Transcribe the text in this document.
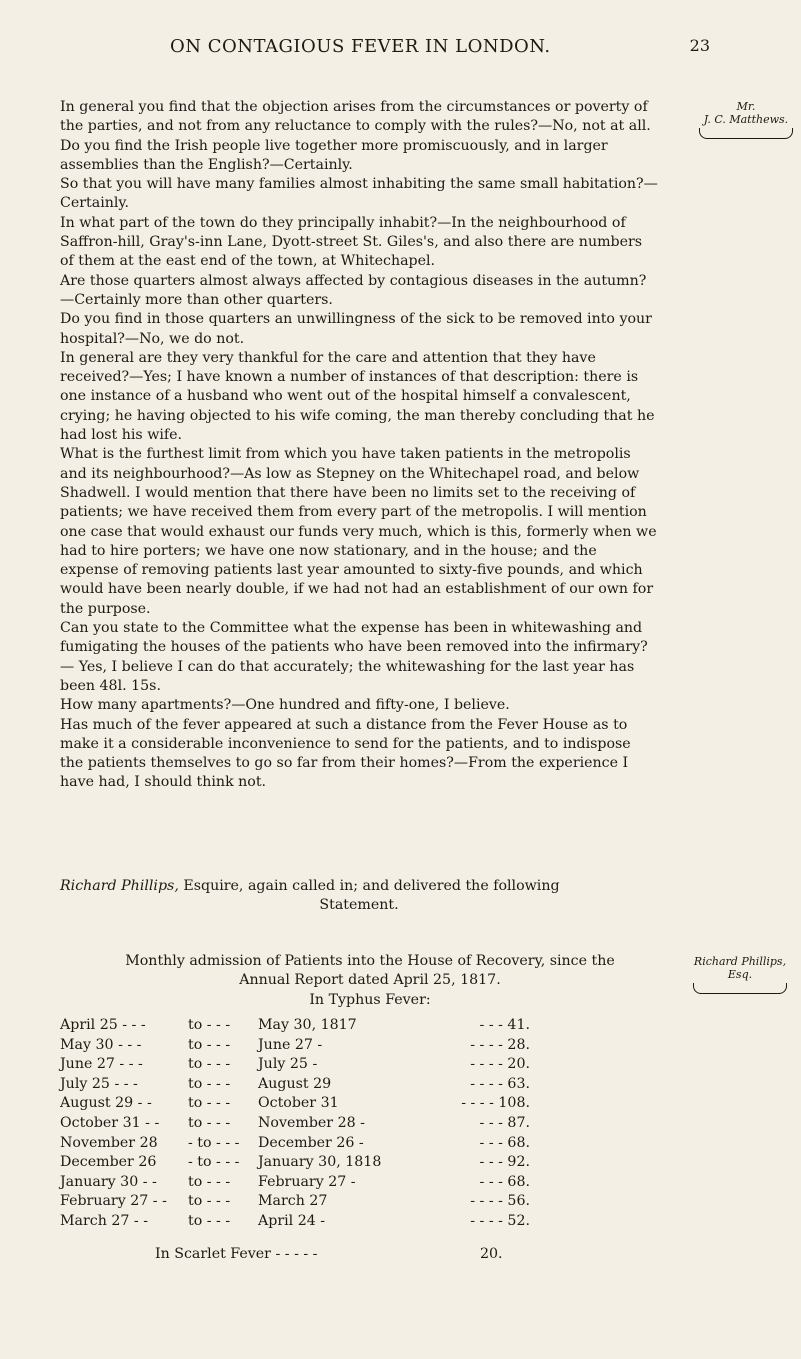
ON CONTAGIOUS FEVER IN LONDON.	23
Mr.
J. C. Matthews.

In general you find that the objection arises from the circumstances or poverty of the parties, and not from any reluctance to comply with the rules?—No, not at all.

Do you find the Irish people live together more promiscuously, and in larger assemblies than the English?—Certainly.

So that you will have many families almost inhabiting the same small habitation?—Certainly.

In what part of the town do they principally inhabit?—In the neighbourhood of Saffron-hill, Gray's-inn Lane, Dyott-street St. Giles's, and also there are numbers of them at the east end of the town, at Whitechapel.

Are those quarters almost always affected by contagious diseases in the autumn? —Certainly more than other quarters.

Do you find in those quarters an unwillingness of the sick to be removed into your hospital?—No, we do not.

In general are they very thankful for the care and attention that they have received?—Yes; I have known a number of instances of that description: there is one instance of a husband who went out of the hospital himself a convalescent, crying; he having objected to his wife coming, the man thereby concluding that he had lost his wife.

What is the furthest limit from which you have taken patients in the metropolis and its neighbourhood?—As low as Stepney on the Whitechapel road, and below Shadwell. I would mention that there have been no limits set to the receiving of patients; we have received them from every part of the metropolis. I will mention one case that would exhaust our funds very much, which is this, formerly when we had to hire porters; we have one now stationary, and in the house; and the expense of removing patients last year amounted to sixty-five pounds, and which would have been nearly double, if we had not had an establishment of our own for the purpose.

Can you state to the Committee what the expense has been in whitewashing and fumigating the houses of the patients who have been removed into the infirmary?— Yes, I believe I can do that accurately; the whitewashing for the last year has been 48l. 15s.

How many apartments?—One hundred and fifty-one, I believe.

Has much of the fever appeared at such a distance from the Fever House as to make it a considerable inconvenience to send for the patients, and to indispose the patients themselves to go so far from their homes?—From the experience I have had, I should think not.

Richard Phillips, Esquire, again called in; and delivered the following
Statement.
Richard Phillips,
Esq.
Monthly admission of Patients into the House of Recovery, since the
Annual Report dated April 25, 1817.
In Typhus Fever:
April 25 - - -	to - - - May 30, 1817	- - - 41.
May 30 - - -	to - - - June 27 -	- - - - 28.
June 27 - - -	to - - - July 25 -	- - - - 20.
July 25 - - -	to - - - August 29	- - - - 63.
August 29 - -	to - - - October 31	- - - - 108.
October 31 - - to - - - November 28 -	- - - 87.
November 28 - to - - - December 26 -	- - - 68.
December 26 - to - - - January 30, 1818	- - - 92.
January 30 - - to - - - February 27 -	- - - 68.
February 27 - - to - - - March 27	- - - - 56.
March 27 - -	to - - - April 24 -	- - - - 52.
In Scarlet Fever - - - - -	20.
